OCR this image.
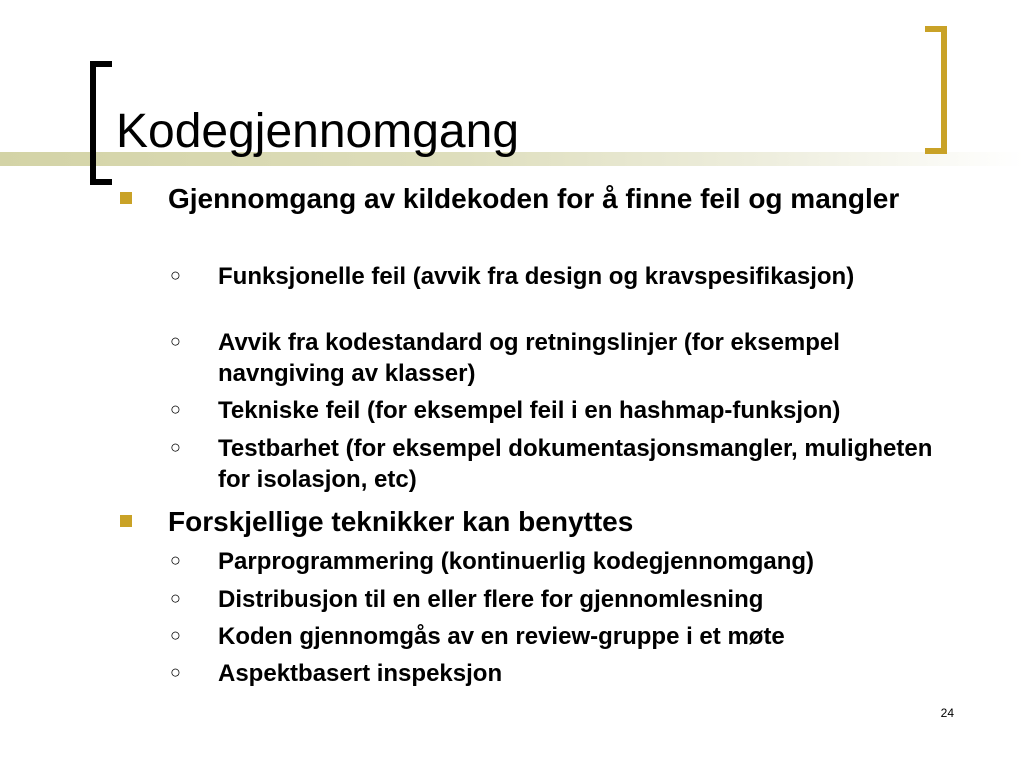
Kodegjennomgang
Gjennomgang av kildekoden for å finne feil og mangler
○ Funksjonelle feil (avvik fra design og kravspesifikasjon)
○ Avvik fra kodestandard og retningslinjer (for eksempel navngiving av klasser)
○ Tekniske feil (for eksempel feil i en hashmap-funksjon)
○ Testbarhet (for eksempel dokumentasjonsmangler, muligheten for isolasjon, etc)
Forskjellige teknikker kan benyttes
○ Parprogrammering (kontinuerlig kodegjennomgang)
○ Distribusjon til en eller flere for gjennomlesning
○ Koden gjennomgås av en review-gruppe i et møte
○ Aspektbasert inspeksjon
24
